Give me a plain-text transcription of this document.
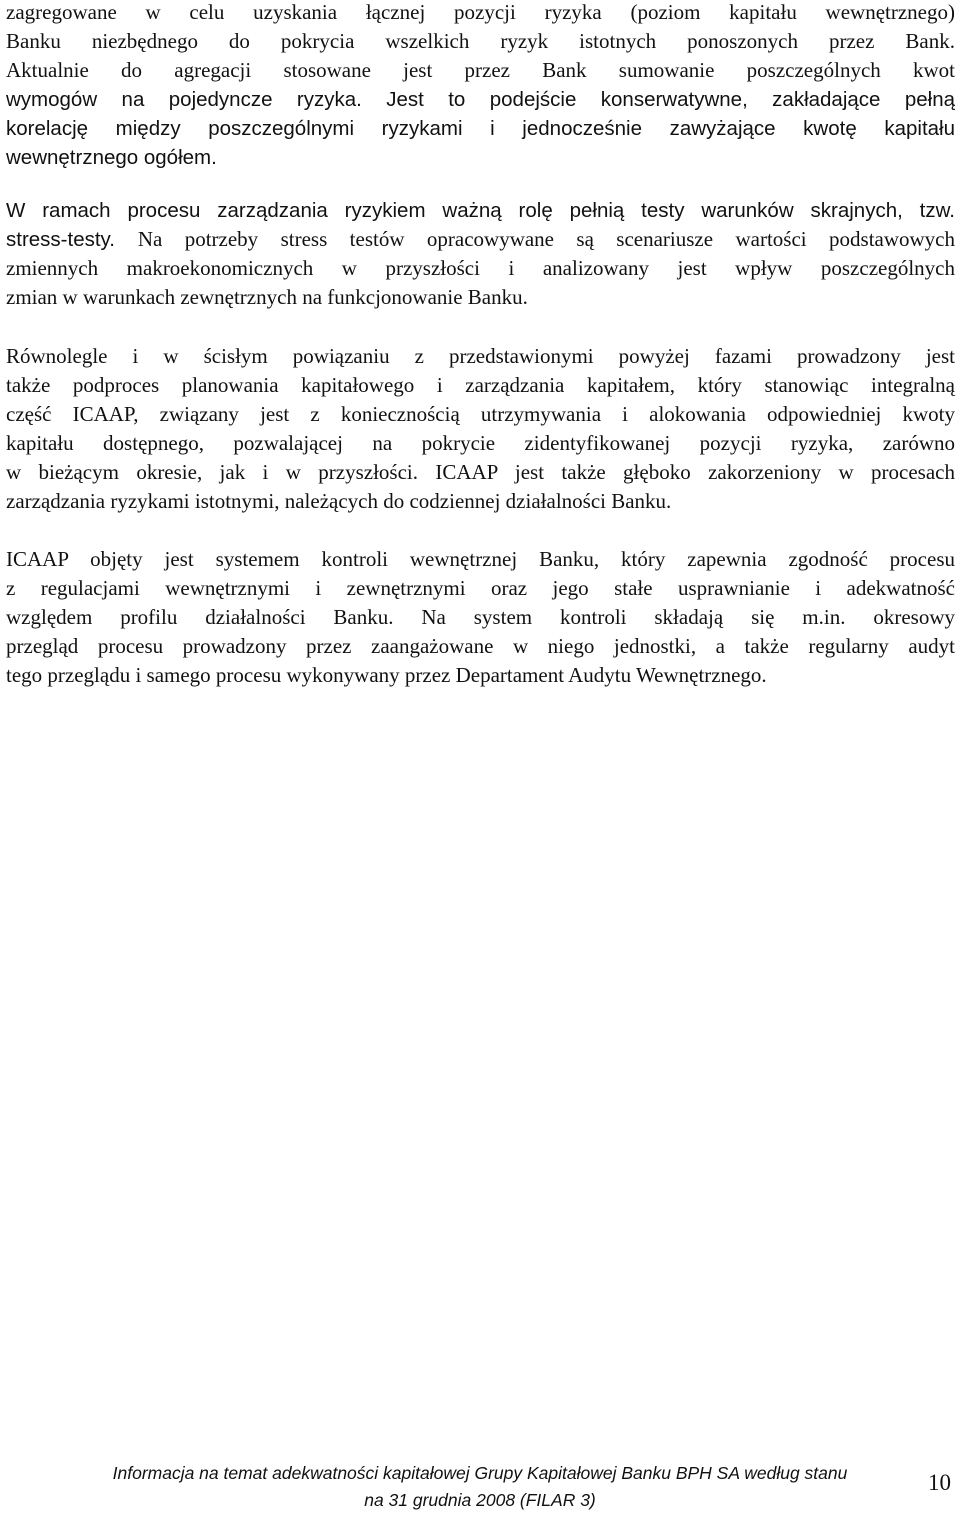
zagregowane w celu uzyskania łącznej pozycji ryzyka (poziom kapitału wewnętrznego)
Banku niezbędnego do pokrycia wszelkich ryzyk istotnych ponoszonych przez Bank.
Aktualnie do agregacji stosowane jest przez Bank sumowanie poszczególnych kwot
wymogów na pojedyncze ryzyka. Jest to podejście konserwatywne, zakładające pełną
korelację między poszczególnymi ryzykami i jednocześnie zawyżające kwotę kapitału
wewnętrznego ogółem.
W ramach procesu zarządzania ryzykiem ważną rolę pełnią testy warunków skrajnych, tzw.
stress-testy. Na potrzeby stress testów opracowywane są scenariusze wartości podstawowych
zmiennych makroekonomicznych w przyszłości i analizowany jest wpływ poszczególnych
zmian w warunkach zewnętrznych na funkcjonowanie Banku.
Równolegle i w ścisłym powiązaniu z przedstawionymi powyżej fazami prowadzony jest
także podproces planowania kapitałowego i zarządzania kapitałem, który stanowiąc integralną
część ICAAP, związany jest z koniecznością utrzymywania i alokowania odpowiedniej kwoty
kapitału dostępnego, pozwalającej na pokrycie zidentyfikowanej pozycji ryzyka, zarówno
w bieżącym okresie, jak i w przyszłości. ICAAP jest także głęboko zakorzeniony w procesach
zarządzania ryzykami istotnymi, należących do codziennej działalności Banku.
ICAAP objęty jest systemem kontroli wewnętrznej Banku, który zapewnia zgodność procesu
z regulacjami wewnętrznymi i zewnętrznymi oraz jego stałe usprawnianie i adekwatność
względem profilu działalności Banku. Na system kontroli składają się m.in. okresowy
przegląd procesu prowadzony przez zaangażowane w niego jednostki, a także regularny audyt
tego przeglądu i samego procesu wykonywany przez Departament Audytu Wewnętrznego.
Informacja na temat adekwatności kapitałowej Grupy Kapitałowej Banku BPH SA według stanu
na 31 grudnia 2008 (FILAR 3)
10
